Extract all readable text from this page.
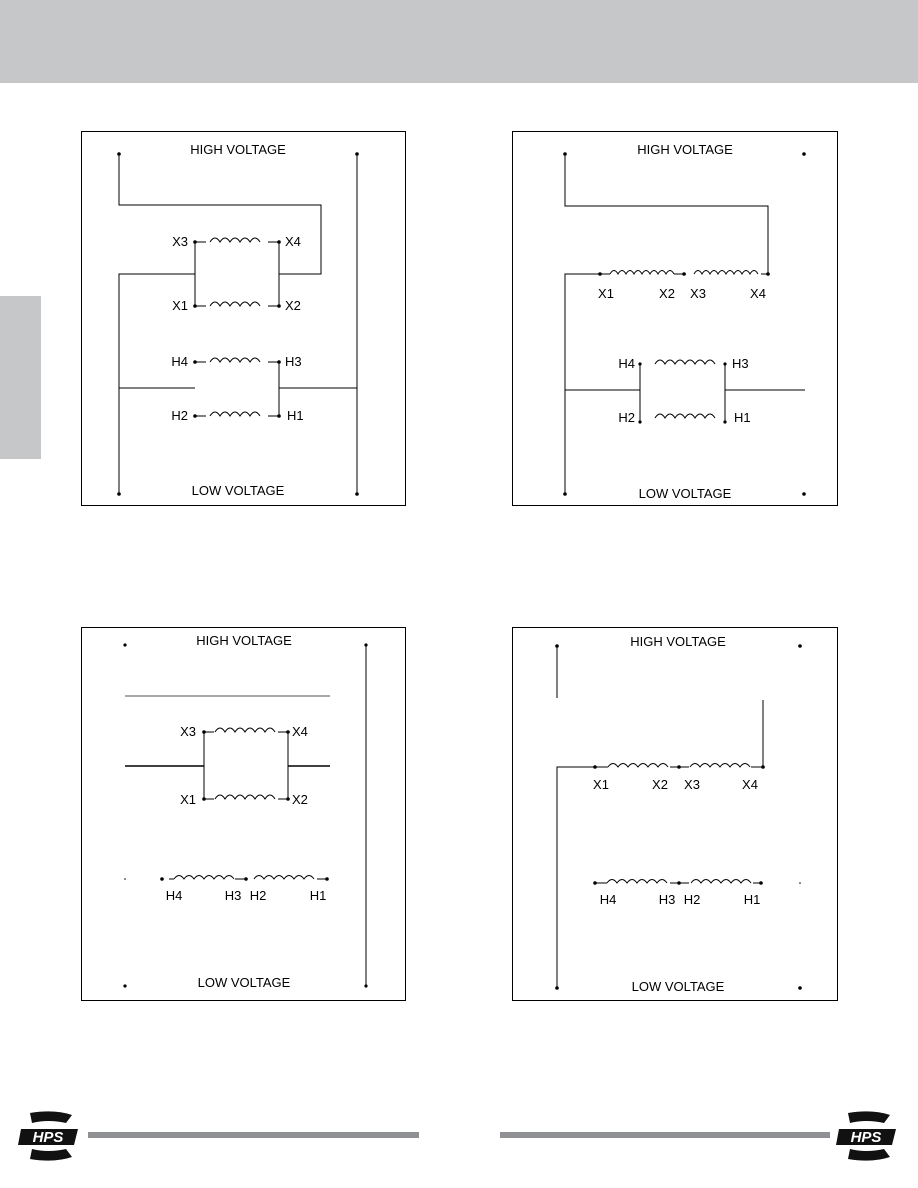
HIGH VOLTAGE
LOW VOLTAGE
X3	X4
X1	X2
H4	H3
H2	H1
HIGH VOLTAGE
LOW VOLTAGE
X1	X2 X3	X4
H4	H3
H2	H1
HIGH VOLTAGE
LOW VOLTAGE
X3	X4
X1	X2
H4	H3 H2	H1
HIGH VOLTAGE
LOW VOLTAGE
X1	X2 X3	X4
H4	H3 H2	H1
HPS	HPS
